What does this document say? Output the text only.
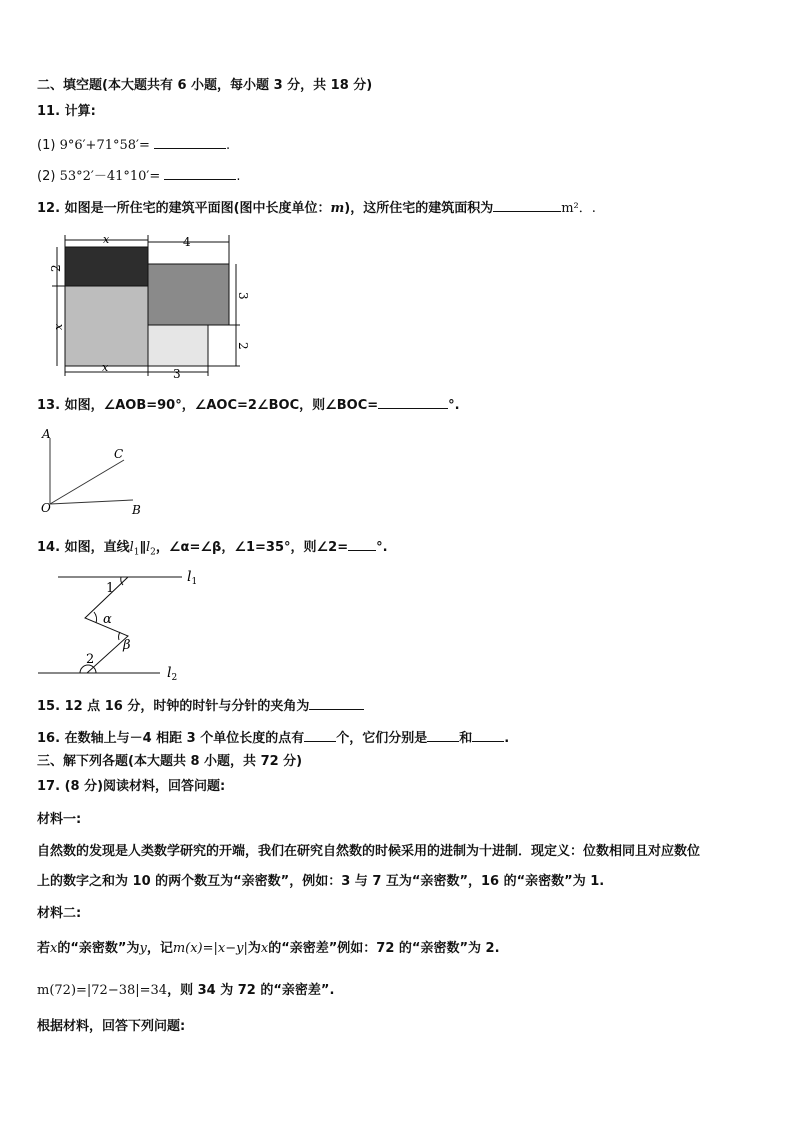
二、填空题(本大题共有 6 小题，每小题 3 分，共 18 分)
11. 计算:
(1) 9°6′+71°58′=	.
(2) 53°2′－41°10′=	.
12. 如图是一所住宅的建筑平面图(图中长度单位：m)，这所住宅的建筑面积为	m²．.
x	4
2
x
3
2
x	3
13. 如图，∠AOB=90°，∠AOC=2∠BOC，则∠BOC=	°.
A
C
O	B
14. 如图，直线$l_1\parallel l_2$，∠α=∠β，∠1=35°，则∠2= °.
1
α
β
2
$l_1$
$l_2$
15. 12 点 16 分，时钟的时针与分针的夹角为
16. 在数轴上与－4 相距 3 个单位长度的点有 个，它们分别是 和 .
三、解下列各题(本大题共 8 小题，共 72 分)
17. (8 分)阅读材料，回答问题:
材料一:
自然数的发现是人类数学研究的开端，我们在研究自然数的时候采用的进制为十进制．现定义：位数相同且对应数位
上的数字之和为 10 的两个数互为“亲密数”，例如：3 与 7 互为“亲密数”，16 的“亲密数”为 1.
材料二:
若x的“亲密数”为y，记m(x)=|x−y|为x的“亲密差”例如：72 的“亲密数”为 2.
m(72)=|72−38|=34，则 34 为 72 的“亲密差”.
根据材料，回答下列问题:
